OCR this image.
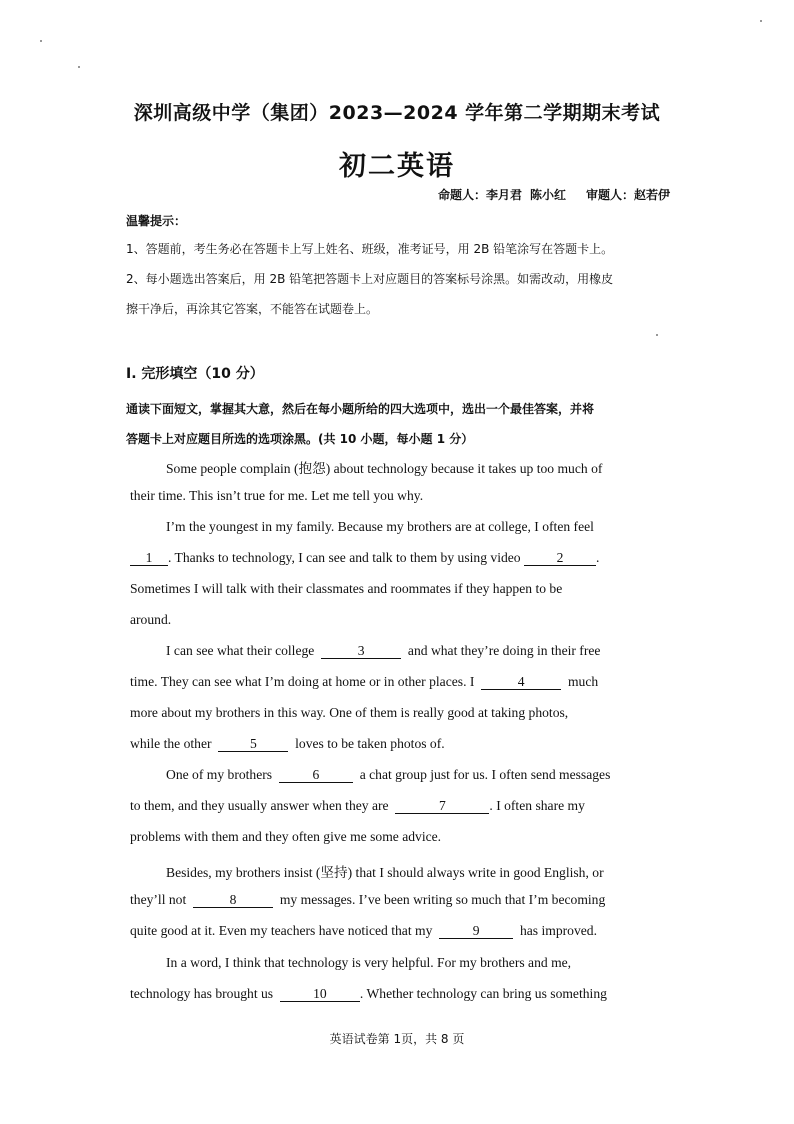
深圳高级中学（集团）2023—2024 学年第二学期期末考试
初二英语
命题人：李月君 陈小红 审题人：赵若伊
温馨提示：
1、答题前，考生务必在答题卡上写上姓名、班级，准考证号，用 2B 铅笔涂写在答题卡上。
2、每小题选出答案后，用 2B 铅笔把答题卡上对应题目的答案标号涂黑。如需改动，用橡皮
擦干净后，再涂其它答案，不能答在试题卷上。
I. 完形填空（10 分）
通读下面短文，掌握其大意，然后在每小题所给的四大选项中，选出一个最佳答案，并将
答题卡上对应题目所选的选项涂黑。(共 10 小题，每小题 1 分）
Some people complain (抱怨) about technology because it takes up too much of
their time. This isn’t true for me. Let me tell you why.
I’m the youngest in my family. Because my brothers are at college, I often feel
1 . Thanks to technology, I can see and talk to them by using video	2 .
Sometimes I will talk with their classmates and roommates if they happen to be
around.
I can see what their college	3	and what they’re doing in their free
time. They can see what I’m doing at home or in other places. I	4	much
more about my brothers in this way. One of them is really good at taking photos,
while the other	5	loves to be taken photos of.
One of my brothers	6	a chat group just for us. I often send messages
to them, and they usually answer when they are	7	. I often share my
problems with them and they often give me some advice.
Besides, my brothers insist (坚持) that I should always write in good English, or
they’ll not	8	my messages. I’ve been writing so much that I’m becoming
quite good at it. Even my teachers have noticed that my	9	has improved.
In a word, I think that technology is very helpful. For my brothers and me,
technology has brought us	10 . Whether technology can bring us something
英语试卷第 1页，共 8 页
